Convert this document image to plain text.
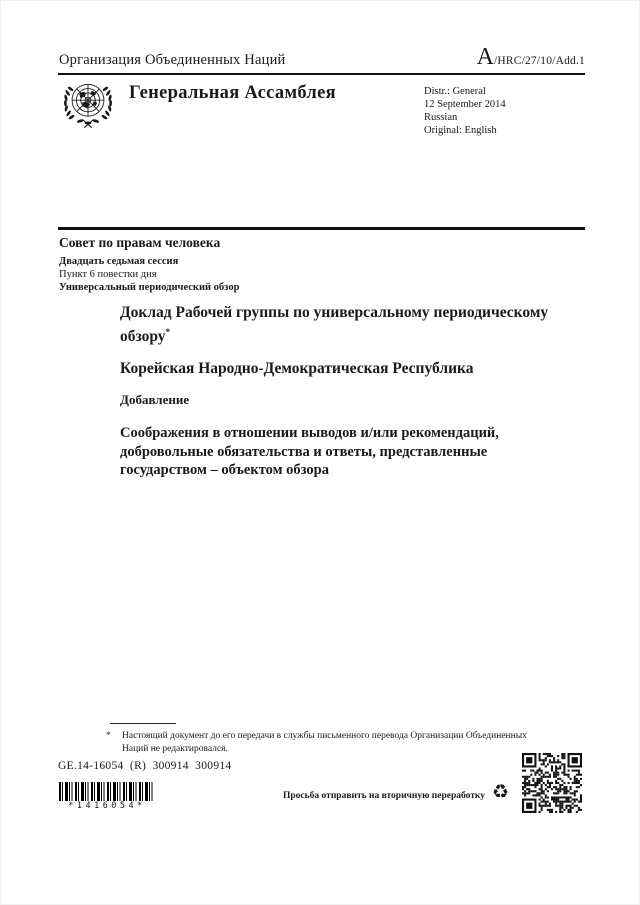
Организация Объединенных Наций	A /HRC/27/10/Add.1
Генеральная Ассамблея	Distr.: General
12 September 2014
Russian
Original: English
Совет по правам человека
Двадцать седьмая сессия
Пункт 6 повестки дня
Универсальный периодический обзор
Доклад Рабочей группы по универсальному периодическому обзору*
Корейская Народно-Демократическая Республика
Добавление
Соображения в отношении выводов и/или рекомендаций, добровольные обязательства и ответы, представленные государством – объектом обзора
*	Настоящий документ до его передачи в службы письменного перевода Организации Объединенных Наций не редактировался.
GE.14-16054  (R)  300914  300914
*1416054*
Просьба отправить на вторичную переработку ♻
